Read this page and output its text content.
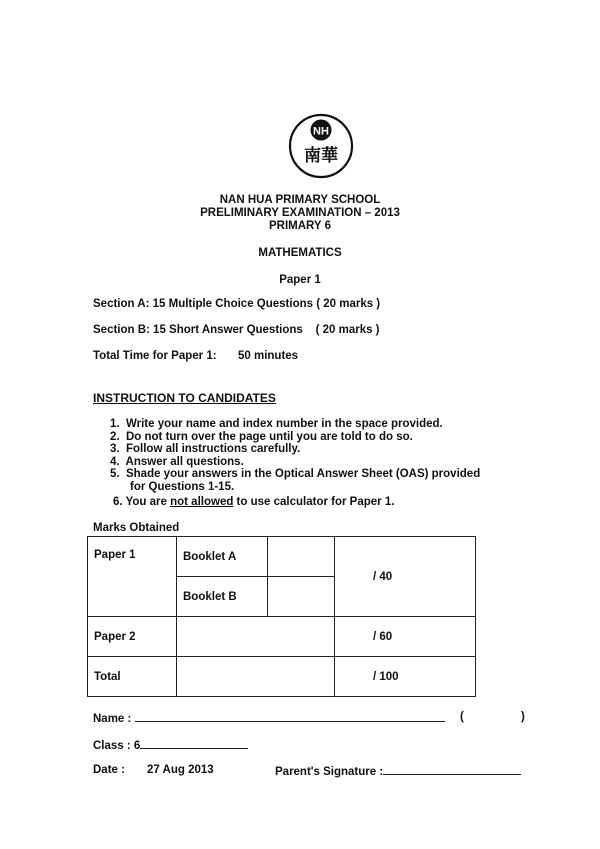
NH
南華
NAN HUA PRIMARY SCHOOL
PRELIMINARY EXAMINATION – 2013
PRIMARY 6
MATHEMATICS
Paper 1
Section A: 15 Multiple Choice Questions ( 20 marks )
Section B: 15 Short Answer Questions    ( 20 marks )
Total Time for Paper 1: 50 minutes
INSTRUCTION TO CANDIDATES
1.  Write your name and index number in the space provided.
2.  Do not turn over the page until you are told to do so.
3.  Follow all instructions carefully.
4.  Answer all questions.
5.  Shade your answers in the Optical Answer Sheet (OAS) provided
for Questions 1-15.
6. You are not allowed to use calculator for Paper 1.
Marks Obtained
Paper 1	Booklet A		/ 40
	Booklet B		
Paper 2			/ 60
Total			/ 100
Name :	(	)
Class : 6
Date : 27 Aug 2013	Parent's Signature :
